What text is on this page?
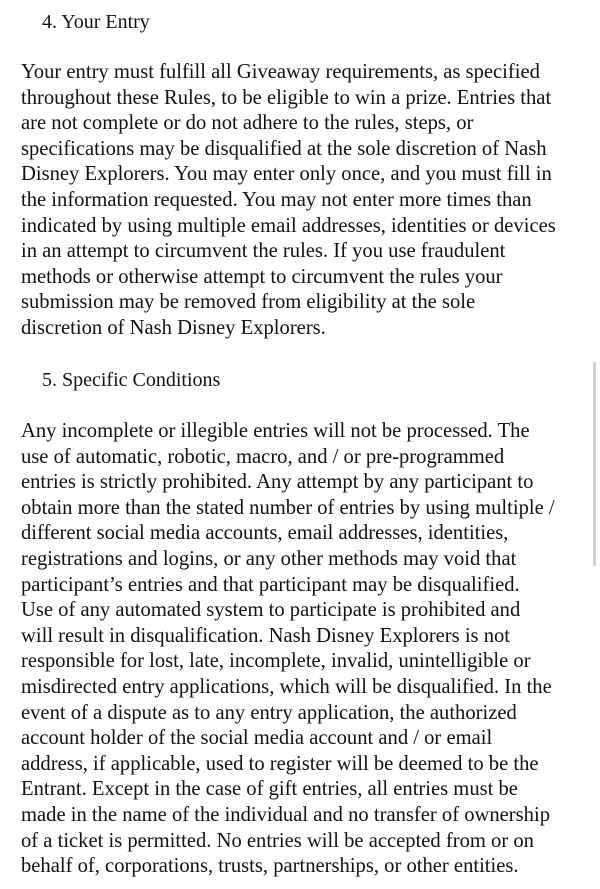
4. Your Entry

Your entry must fulfill all Giveaway requirements, as specified
throughout these Rules, to be eligible to win a prize. Entries that
are not complete or do not adhere to the rules, steps, or
specifications may be disqualified at the sole discretion of Nash
Disney Explorers. You may enter only once, and you must fill in
the information requested. You may not enter more times than
indicated by using multiple email addresses, identities or devices
in an attempt to circumvent the rules. If you use fraudulent
methods or otherwise attempt to circumvent the rules your
submission may be removed from eligibility at the sole
discretion of Nash Disney Explorers.

5. Specific Conditions

Any incomplete or illegible entries will not be processed. The
use of automatic, robotic, macro, and / or pre-programmed
entries is strictly prohibited. Any attempt by any participant to
obtain more than the stated number of entries by using multiple /
different social media accounts, email addresses, identities,
registrations and logins, or any other methods may void that
participant’s entries and that participant may be disqualified.
Use of any automated system to participate is prohibited and
will result in disqualification. Nash Disney Explorers is not
responsible for lost, late, incomplete, invalid, unintelligible or
misdirected entry applications, which will be disqualified. In the
event of a dispute as to any entry application, the authorized
account holder of the social media account and / or email
address, if applicable, used to register will be deemed to be the
Entrant. Except in the case of gift entries, all entries must be
made in the name of the individual and no transfer of ownership
of a ticket is permitted. No entries will be accepted from or on
behalf of, corporations, trusts, partnerships, or other entities.
